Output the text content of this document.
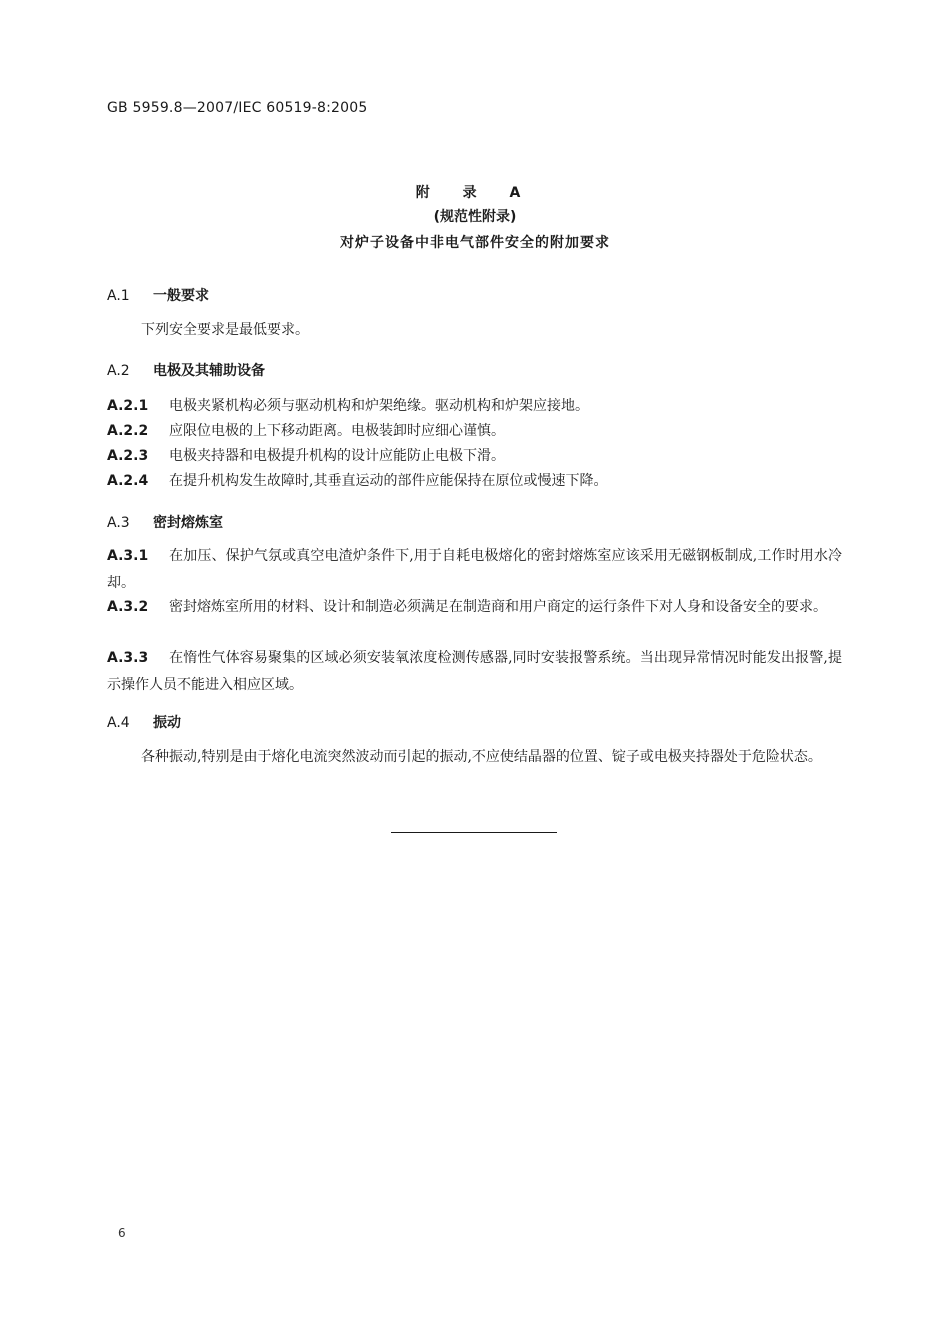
GB 5959.8—2007/IEC 60519-8:2005
附 录 A
(规范性附录)
对炉子设备中非电气部件安全的附加要求
A.1 一般要求
下列安全要求是最低要求。
A.2 电极及其辅助设备
A.2.1 电极夹紧机构必须与驱动机构和炉架绝缘。驱动机构和炉架应接地。
A.2.2 应限位电极的上下移动距离。电极装卸时应细心谨慎。
A.2.3 电极夹持器和电极提升机构的设计应能防止电极下滑。
A.2.4 在提升机构发生故障时,其垂直运动的部件应能保持在原位或慢速下降。
A.3 密封熔炼室
A.3.1 在加压、保护气氛或真空电渣炉条件下,用于自耗电极熔化的密封熔炼室应该采用无磁钢板制成,工作时用水冷却。
A.3.2 密封熔炼室所用的材料、设计和制造必须满足在制造商和用户商定的运行条件下对人身和设备安全的要求。
A.3.3 在惰性气体容易聚集的区域必须安装氧浓度检测传感器,同时安装报警系统。当出现异常情况时能发出报警,提示操作人员不能进入相应区域。
A.4 振动
各种振动,特别是由于熔化电流突然波动而引起的振动,不应使结晶器的位置、锭子或电极夹持器处于危险状态。
6
